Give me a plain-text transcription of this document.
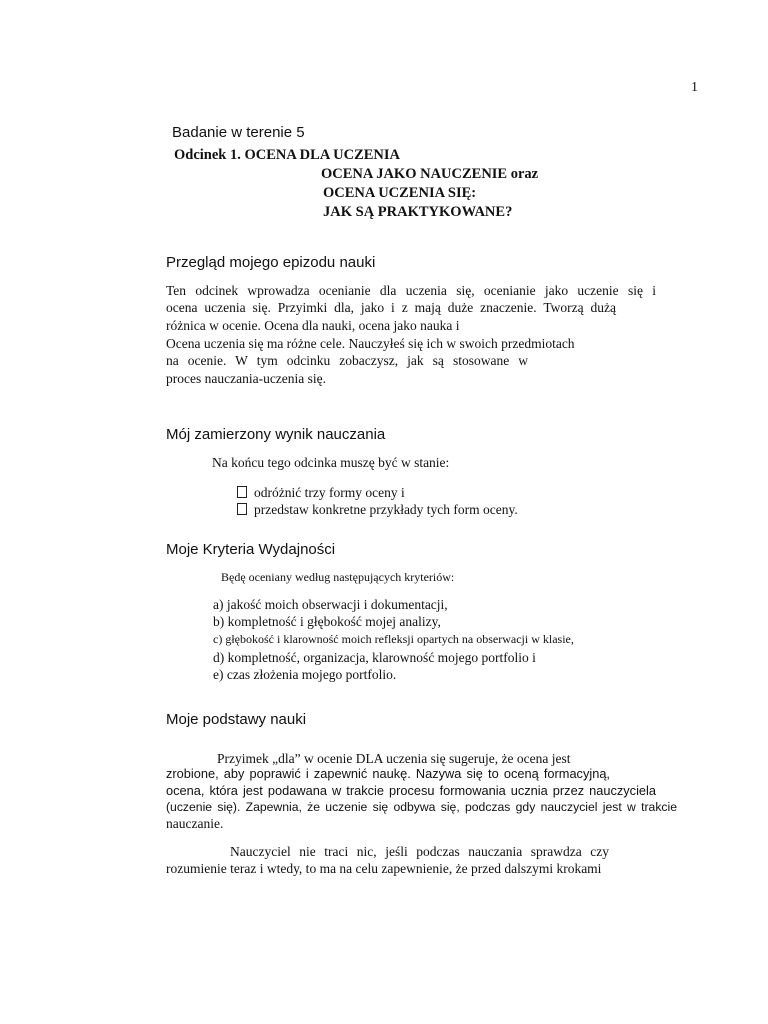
1
Badanie w terenie 5
Odcinek 1. OCENA DLA UCZENIA
OCENA JAKO NAUCZENIE oraz
OCENA UCZENIA SIĘ:
JAK SĄ PRAKTYKOWANE?
Przegląd mojego epizodu nauki
Ten odcinek wprowadza ocenianie dla uczenia się, ocenianie jako uczenie się i
ocena uczenia się. Przyimki dla, jako i z mają duże znaczenie. Tworzą dużą
różnica w ocenie. Ocena dla nauki, ocena jako nauka i
Ocena uczenia się ma różne cele. Nauczyłeś się ich w swoich przedmiotach
na ocenie. W tym odcinku zobaczysz, jak są stosowane w
proces nauczania-uczenia się.
Mój zamierzony wynik nauczania
Na końcu tego odcinka muszę być w stanie:
odróżnić trzy formy oceny i
przedstaw konkretne przykłady tych form oceny.
Moje Kryteria Wydajności
Będę oceniany według następujących kryteriów:
a) jakość moich obserwacji i dokumentacji,
b) kompletność i głębokość mojej analizy,
c) głębokość i klarowność moich refleksji opartych na obserwacji w klasie,
d) kompletność, organizacja, klarowność mojego portfolio i
e) czas złożenia mojego portfolio.
Moje podstawy nauki
Przyimek „dla” w ocenie DLA uczenia się sugeruje, że ocena jest
zrobione, aby poprawić i zapewnić naukę. Nazywa się to oceną formacyjną,
ocena, która jest podawana w trakcie procesu formowania ucznia przez nauczyciela
(uczenie się). Zapewnia, że uczenie się odbywa się, podczas gdy nauczyciel jest w trakcie
nauczanie.
Nauczyciel nie traci nic, jeśli podczas nauczania sprawdza czy
rozumienie teraz i wtedy, to ma na celu zapewnienie, że przed dalszymi krokami
